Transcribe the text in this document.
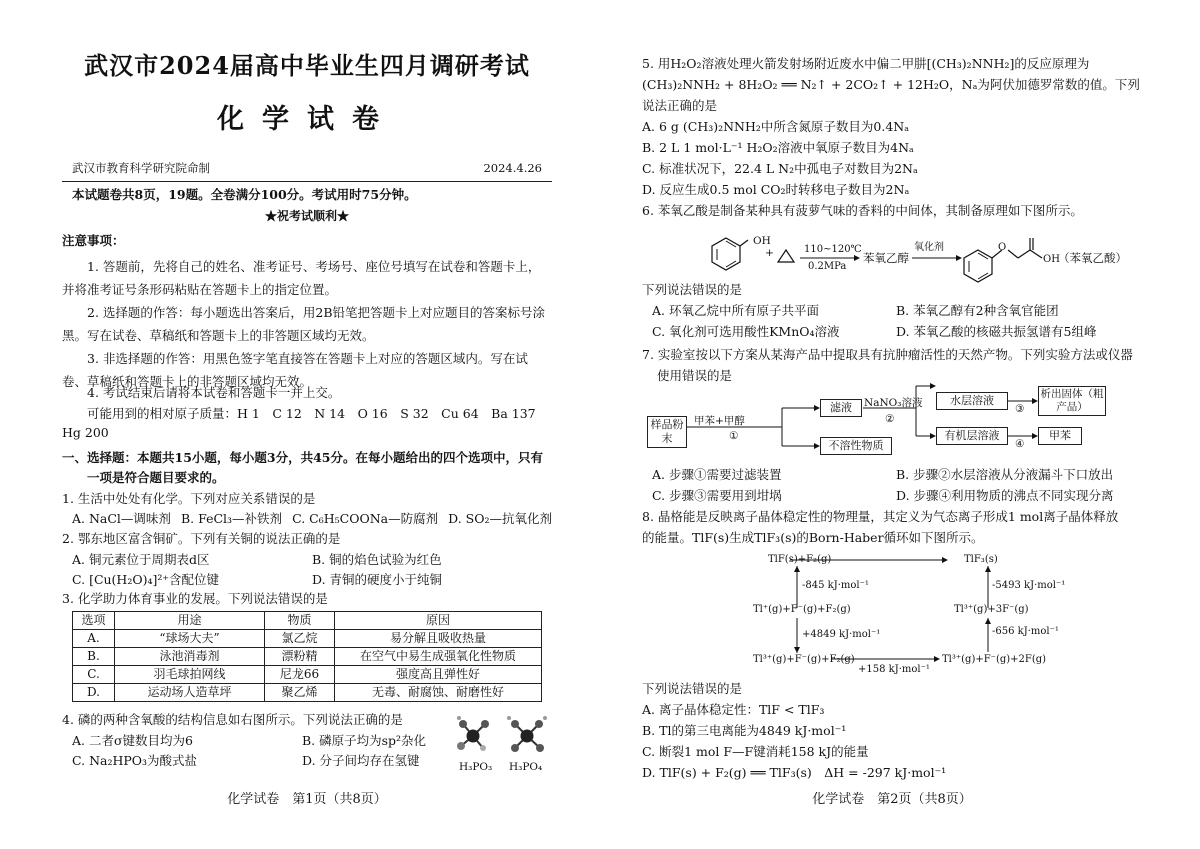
武汉市2024届高中毕业生四月调研考试
化学试卷
武汉市教育科学研究院命制	2024.4.26
本试题卷共8页，19题。全卷满分100分。考试用时75分钟。
★祝考试顺利★
注意事项：
1. 答题前，先将自己的姓名、准考证号、考场号、座位号填写在试卷和答题卡上，并将准考证号条形码粘贴在答题卡上的指定位置。
2. 选择题的作答：每小题选出答案后，用2B铅笔把答题卡上对应题目的答案标号涂黑。写在试卷、草稿纸和答题卡上的非答题区域均无效。
3. 非选择题的作答：用黑色签字笔直接答在答题卡上对应的答题区域内。写在试卷、草稿纸和答题卡上的非答题区域均无效。
4. 考试结束后请将本试卷和答题卡一并上交。
可能用到的相对原子质量：H 1　C 12　N 14　O 16　S 32　Cu 64　Ba 137　Hg 200
一、选择题：本题共15小题，每小题3分，共45分。在每小题给出的四个选项中，只有一项是符合题目要求的。
1. 生活中处处有化学。下列对应关系错误的是
A. NaCl—调味剂 B. FeCl₃—补铁剂 C. C₆H₅COONa—防腐剂 D. SO₂—抗氧化剂
2. 鄂东地区富含铜矿。下列有关铜的说法正确的是
A. 铜元素位于周期表d区	B. 铜的焰色试验为红色
C. [Cu(H₂O)₄]²⁺含配位键	D. 青铜的硬度小于纯铜
3. 化学助力体育事业的发展。下列说法错误的是
选项	用途	物质	原因
A.	“球场大夫”	氯乙烷	易分解且吸收热量
B.	泳池消毒剂	漂粉精	在空气中易生成强氧化性物质
C.	羽毛球拍网线	尼龙66	强度高且弹性好
D.	运动场人造草坪	聚乙烯	无毒、耐腐蚀、耐磨性好
4. 磷的两种含氧酸的结构信息如右图所示。下列说法正确的是
A. 二者σ键数目均为6	B. 磷原子均为sp²杂化
C. Na₂HPO₃为酸式盐	D. 分子间均存在氢键	H₃PO₃ H₃PO₄
化学试卷　第1页（共8页）
5. 用H₂O₂溶液处理火箭发射场附近废水中偏二甲肼[(CH₃)₂NNH₂]的反应原理为
(CH₃)₂NNH₂ + 8H₂O₂ ══ N₂↑ + 2CO₂↑ + 12H₂O，Nₐ为阿伏加德罗常数的值。下列
说法正确的是
A. 6 g (CH₃)₂NNH₂中所含氮原子数目为0.4Nₐ
B. 2 L 1 mol·L⁻¹ H₂O₂溶液中氧原子数目为4Nₐ
C. 标准状况下，22.4 L N₂中孤电子对数目为2Nₐ
D. 反应生成0.5 mol CO₂时转移电子数目为2Nₐ
6. 苯氧乙酸是制备某种具有菠萝气味的香料的中间体，其制备原理如下图所示。
OH
+	110~120℃
0.2MPa
苯氧乙醇
氧化剂	O
OH
（苯氧乙酸）
下列说法错误的是
A. 环氧乙烷中所有原子共平面	B. 苯氧乙醇有2种含氧官能团
C. 氧化剂可选用酸性KMnO₄溶液	D. 苯氧乙酸的核磁共振氢谱有5组峰
7. 实验室按以下方案从某海产品中提取具有抗肿瘤活性的天然产物。下列实验方法或仪器使用错误的是
样品粉末
甲苯+甲醇
①
滤液
不溶性物质
NaNO₃溶液
②
水层溶液
有机层溶液
③
④
析出固体（粗产品）
甲苯
A. 步骤①需要过滤装置	B. 步骤②水层溶液从分液漏斗下口放出
C. 步骤③需要用到坩埚	D. 步骤④利用物质的沸点不同实现分离
8. 晶格能是反映离子晶体稳定性的物理量，其定义为气态离子形成1 mol离子晶体释放
的能量。TlF(s)生成TlF₃(s)的Born-Haber循环如下图所示。
TlF(s)+F₂(g)	TlF₃(s)
-845 kJ·mol⁻¹	-5493 kJ·mol⁻¹
Tl⁺(g)+F⁻(g)+F₂(g)	Tl³⁺(g)+3F⁻(g)
+4849 kJ·mol⁻¹	-656 kJ·mol⁻¹
Tl³⁺(g)+F⁻(g)+F₂(g)	Tl³⁺(g)+F⁻(g)+2F(g)
+158 kJ·mol⁻¹
下列说法错误的是
A. 离子晶体稳定性：TlF < TlF₃
B. Tl的第三电离能为4849 kJ·mol⁻¹
C. 断裂1 mol F—F键消耗158 kJ的能量
D. TlF(s) + F₂(g) ══ TlF₃(s)　ΔH = -297 kJ·mol⁻¹
化学试卷　第2页（共8页）
